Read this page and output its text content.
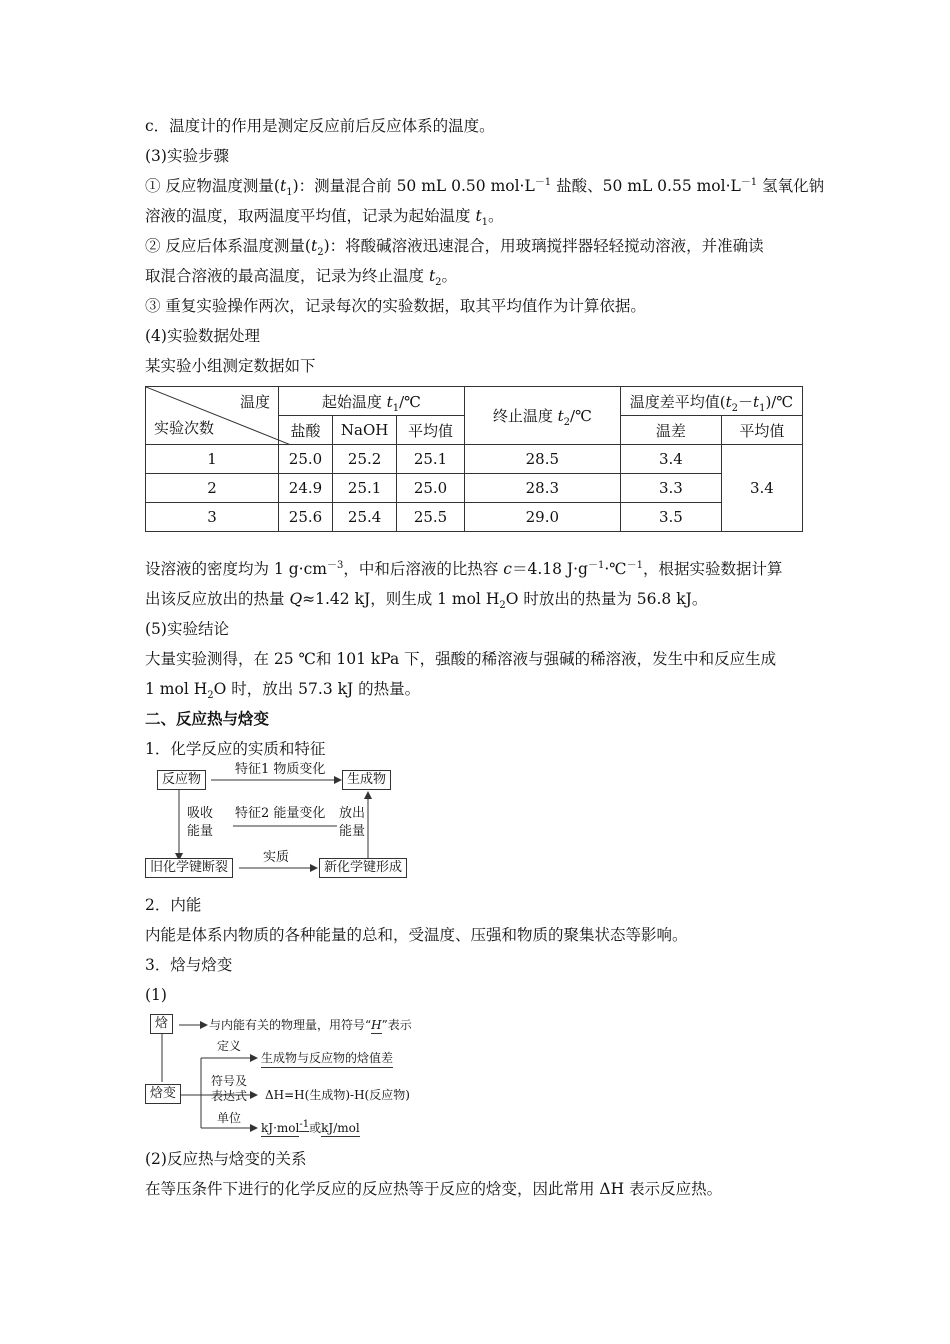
c．温度计的作用是测定反应前后反应体系的温度。
(3)实验步骤
① 反应物温度测量$(t_1)$：测量混合前 50 mL 0.50 $mol\cdot L^{-1}$ 盐酸、50 mL 0.55 $mol\cdot L^{-1}$ 氢氧化钠
溶液的温度，取两温度平均值，记录为起始温度 $t_1$。
② 反应后体系温度测量$(t_2)$：将酸碱溶液迅速混合，用玻璃搅拌器轻轻搅动溶液，并准确读
取混合溶液的最高温度，记录为终止温度 $t_2$。
③ 重复实验操作两次，记录每次的实验数据，取其平均值作为计算依据。
(4)实验数据处理
某实验小组测定数据如下
温度
实验次数	起始温度 $t_1/℃$			终止温度 $t_2/℃$	温度差平均值$(t_2-t_1)/℃$	
	盐酸	NaOH	平均值		温差	平均值
1	25.0	25.2	25.1	28.5	3.4	3.4
2	24.9	25.1	25.0	28.3	3.3	
3	25.6	25.4	25.5	29.0	3.5	
设溶液的密度均为 1 $g\cdot cm^{-3}$，中和后溶液的比热容 c＝4.18 $J\cdot g^{-1}\cdot℃^{-1}$，根据实验数据计算
出该反应放出的热量 Q≈1.42 kJ，则生成 1 mol $H_2O$ 时放出的热量为 56.8 kJ。
(5)实验结论
大量实验测得，在 25 ℃和 101 kPa 下，强酸的稀溶液与强碱的稀溶液，发生中和反应生成
1 mol $H_2O$ 时，放出 57.3 kJ 的热量。
二、反应热与焓变
1．化学反应的实质和特征
反应物	生成物
旧化学键断裂	新化学键形成
特征1 物质变化
特征2 能量变化
吸收
能量
放出
能量
实质
2．内能
内能是体系内物质的各种能量的总和，受温度、压强和物质的聚集状态等影响。
3．焓与焓变
(1)
焓	与内能有关的物理量，用符号“H”表示
焓变
定义
生成物与反应物的焓值差
符号及
表达式 ΔH=H(生成物)-H(反应物)
单位
kJ·mol$^{-1}$或kJ/mol
(2)反应热与焓变的关系
在等压条件下进行的化学反应的反应热等于反应的焓变，因此常用 ΔH 表示反应热。
